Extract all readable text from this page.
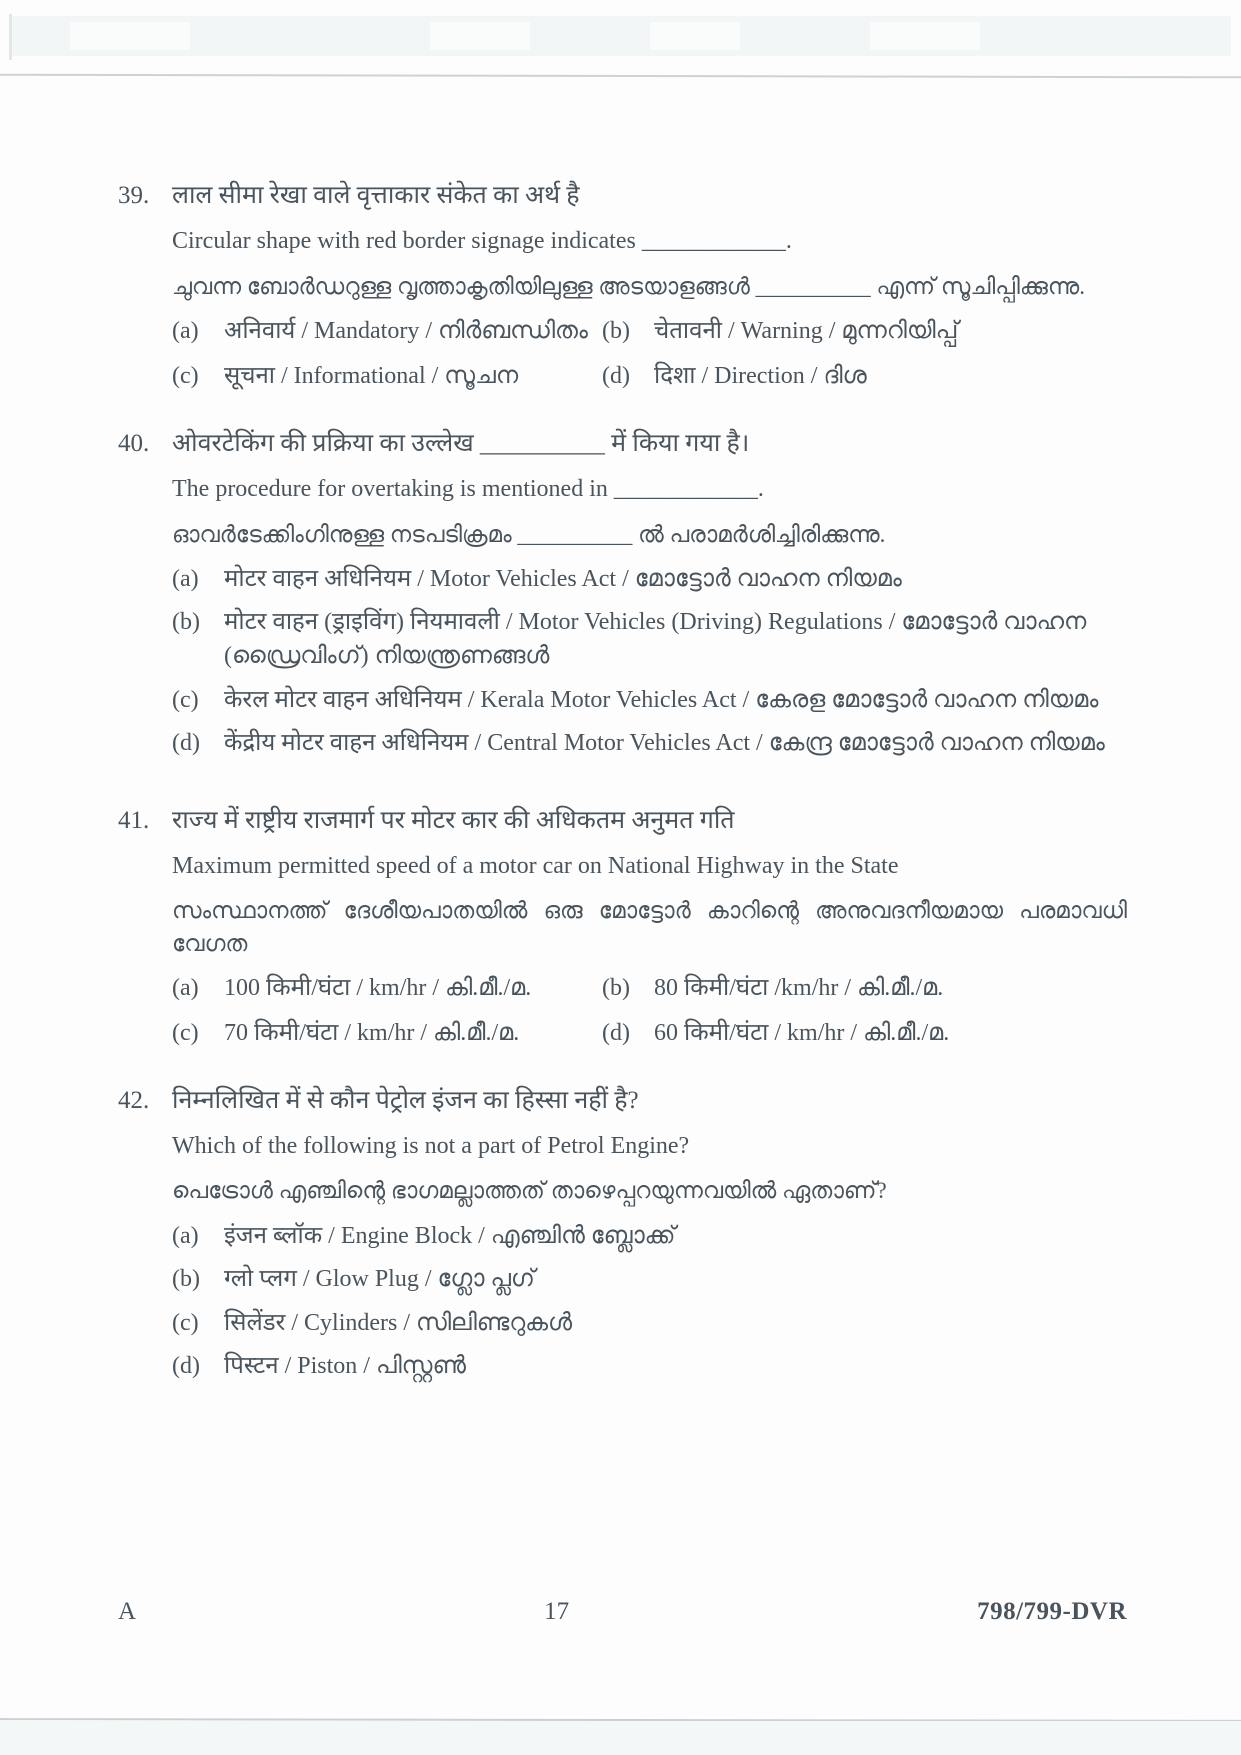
39. लाल सीमा रेखा वाले वृत्ताकार संकेत का अर्थ है

Circular shape with red border signage indicates ____________.

ചുവന്ന ബോർഡറുള്ള വൃത്താകൃതിയിലുള്ള അടയാളങ്ങൾ __________ എന്ന് സൂചിപ്പിക്കുന്നു.

(a)	अनिवार्य / Mandatory / നിർബന്ധിതം (b)	चेतावनी / Warning / മുന്നറിയിപ്പ്
(c)	सूचना / Informational / സൂചന	(d)	दिशा / Direction / ദിശ
40. ओवरटेकिंग की प्रक्रिया का उल्लेख __________ में किया गया है।

The procedure for overtaking is mentioned in ____________.

ഓവർടേക്കിംഗിനുള്ള നടപടിക്രമം __________ ൽ പരാമർശിച്ചിരിക്കുന്നു.

(a)	मोटर वाहन अधिनियम / Motor Vehicles Act / മോട്ടോർ വാഹന നിയമം
(b)	मोटर वाहन (ड्राइविंग) नियमावली / Motor Vehicles (Driving) Regulations / മോട്ടോർ വാഹന (ഡ്രൈവിംഗ്) നിയന്ത്രണങ്ങൾ
(c)	केरल मोटर वाहन अधिनियम / Kerala Motor Vehicles Act / കേരള മോട്ടോർ വാഹന നിയമം
(d)	केंद्रीय मोटर वाहन अधिनियम / Central Motor Vehicles Act / കേന്ദ്ര മോട്ടോർ വാഹന നിയമം
41. राज्य में राष्ट्रीय राजमार्ग पर मोटर कार की अधिकतम अनुमत गति

Maximum permitted speed of a motor car on National Highway in the State

സംസ്ഥാനത്ത് ദേശീയപാതയിൽ ഒരു മോട്ടോർ കാറിന്റെ അനുവദനീയമായ പരമാവധി വേഗത

(a)	100 किमी/घंटा / km/hr / കി.മീ./മ.	(b)	80 किमी/घंटा /km/hr / കി.മീ./മ.
(c)	70 किमी/घंटा / km/hr / കി.മീ./മ.	(d)	60 किमी/घंटा / km/hr / കി.മീ./മ.
42. निम्नलिखित में से कौन पेट्रोल इंजन का हिस्सा नहीं है?

Which of the following is not a part of Petrol Engine?

പെട്രോൾ എഞ്ചിന്റെ ഭാഗമല്ലാത്തത് താഴെപ്പറയുന്നവയിൽ ഏതാണ്?

(a)	इंजन ब्लॉक / Engine Block / എഞ്ചിൻ ബ്ലോക്ക്
(b)	ग्लो प्लग / Glow Plug / ഗ്ലോ പ്ലഗ്
(c)	सिलेंडर / Cylinders / സിലിണ്ടറുകൾ
(d)	पिस्टन / Piston / പിസ്റ്റൺ
A	17	798/799-DVR
